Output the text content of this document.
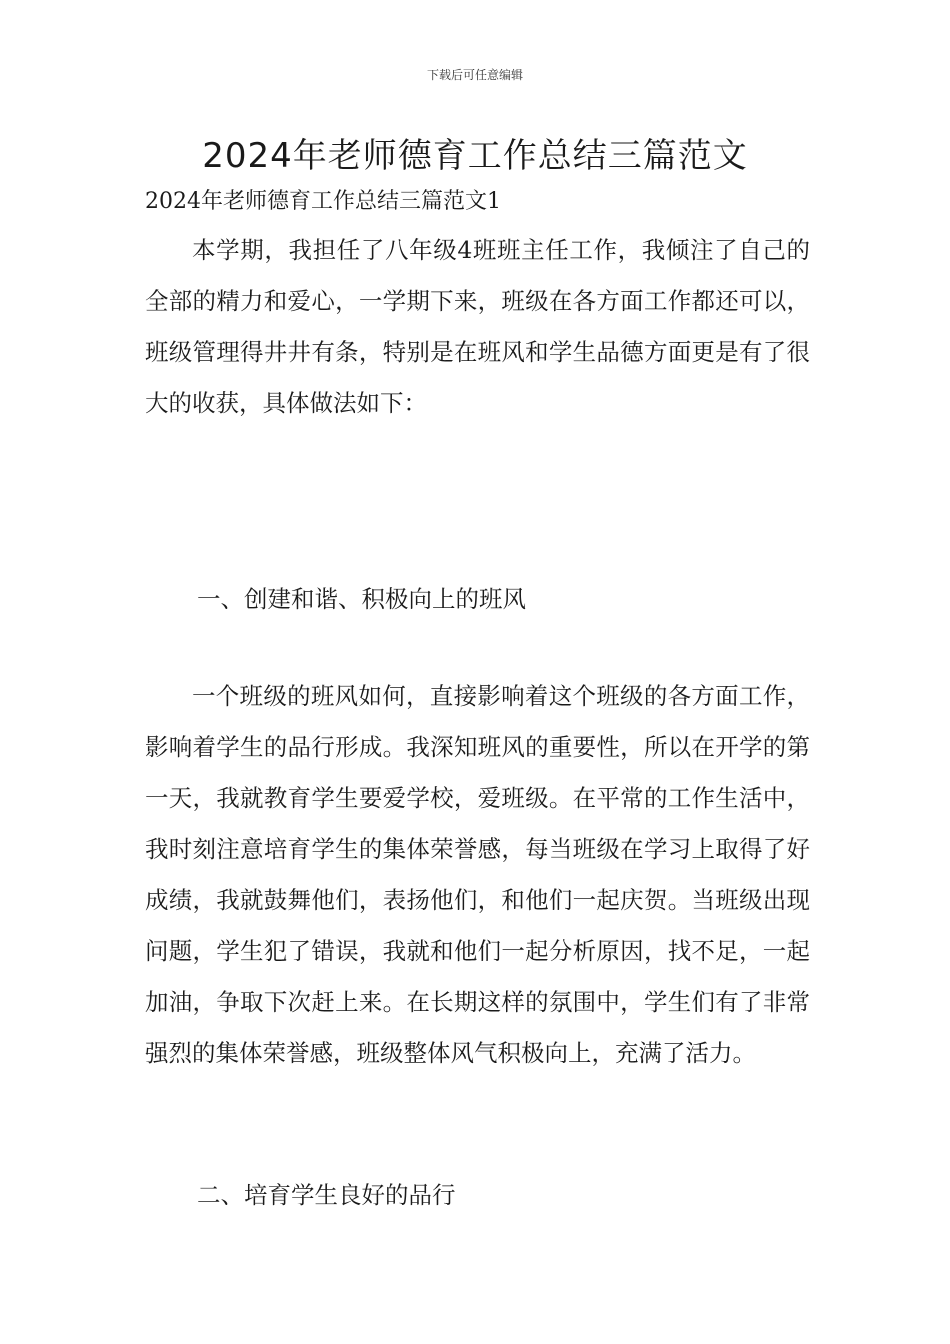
下载后可任意编辑
2024年老师德育工作总结三篇范文

2024年老师德育工作总结三篇范文1

本学期，我担任了八年级4班班主任工作，我倾注了自己的全部的精力和爱心，一学期下来，班级在各方面工作都还可以，班级管理得井井有条，特别是在班风和学生品德方面更是有了很大的收获，具体做法如下：

一、创建和谐、积极向上的班风

一个班级的班风如何，直接影响着这个班级的各方面工作，影响着学生的品行形成。我深知班风的重要性，所以在开学的第一天，我就教育学生要爱学校，爱班级。在平常的工作生活中，我时刻注意培育学生的集体荣誉感，每当班级在学习上取得了好成绩，我就鼓舞他们，表扬他们，和他们一起庆贺。当班级出现问题，学生犯了错误，我就和他们一起分析原因，找不足，一起加油，争取下次赶上来。在长期这样的氛围中，学生们有了非常强烈的集体荣誉感，班级整体风气积极向上，充满了活力。

二、培育学生良好的品行
